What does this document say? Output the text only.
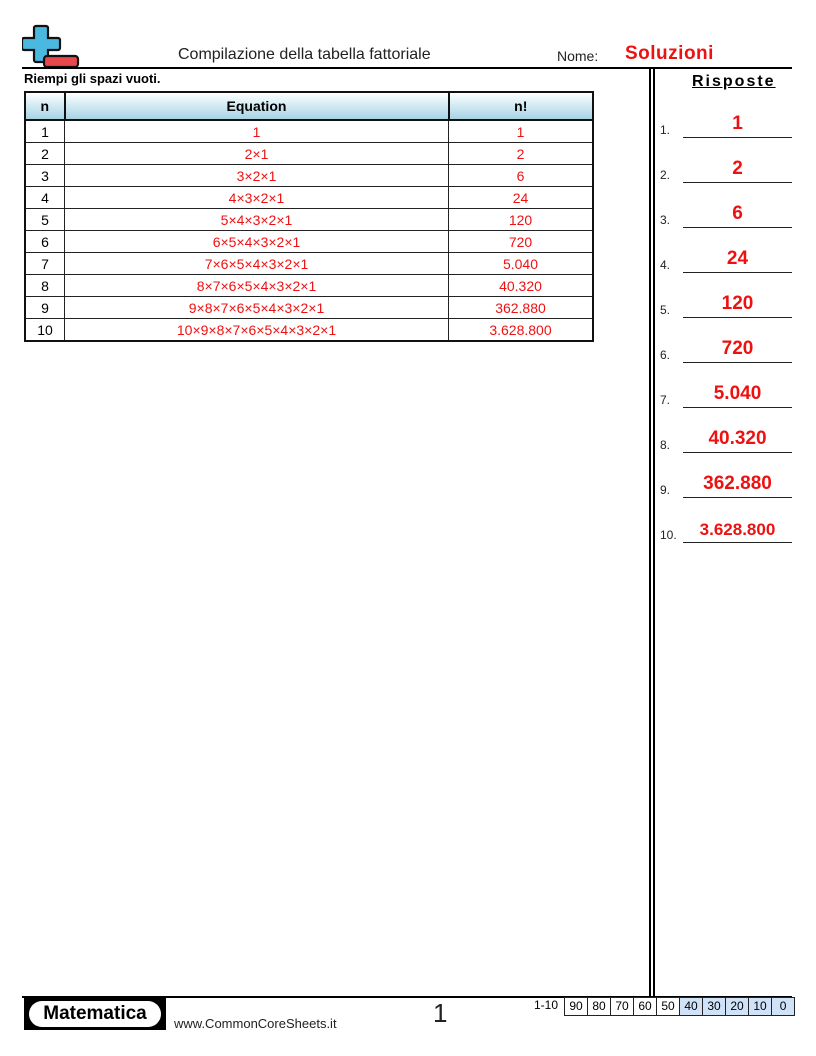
Compilazione della tabella fattoriale	Nome: Soluzioni
Riempi gli spazi vuoti.
n	Equation	n!
1	1	1
2	2×1	2
3	3×2×1	6
4	4×3×2×1	24
5	5×4×3×2×1	120
6	6×5×4×3×2×1	720
7	7×6×5×4×3×2×1	5.040
8	8×7×6×5×4×3×2×1	40.320
9	9×8×7×6×5×4×3×2×1	362.880
10	10×9×8×7×6×5×4×3×2×1	3.628.800
Risposte
1.	1
2.	2
3.	6
4.	24
5.	120
6.	720
7.	5.040
8.	40.320
9.	362.880
10.	3.628.800
Matematica	www.CommonCoreSheets.it	1	1-10 90 80 70 60 50 40 30 20 10	0
